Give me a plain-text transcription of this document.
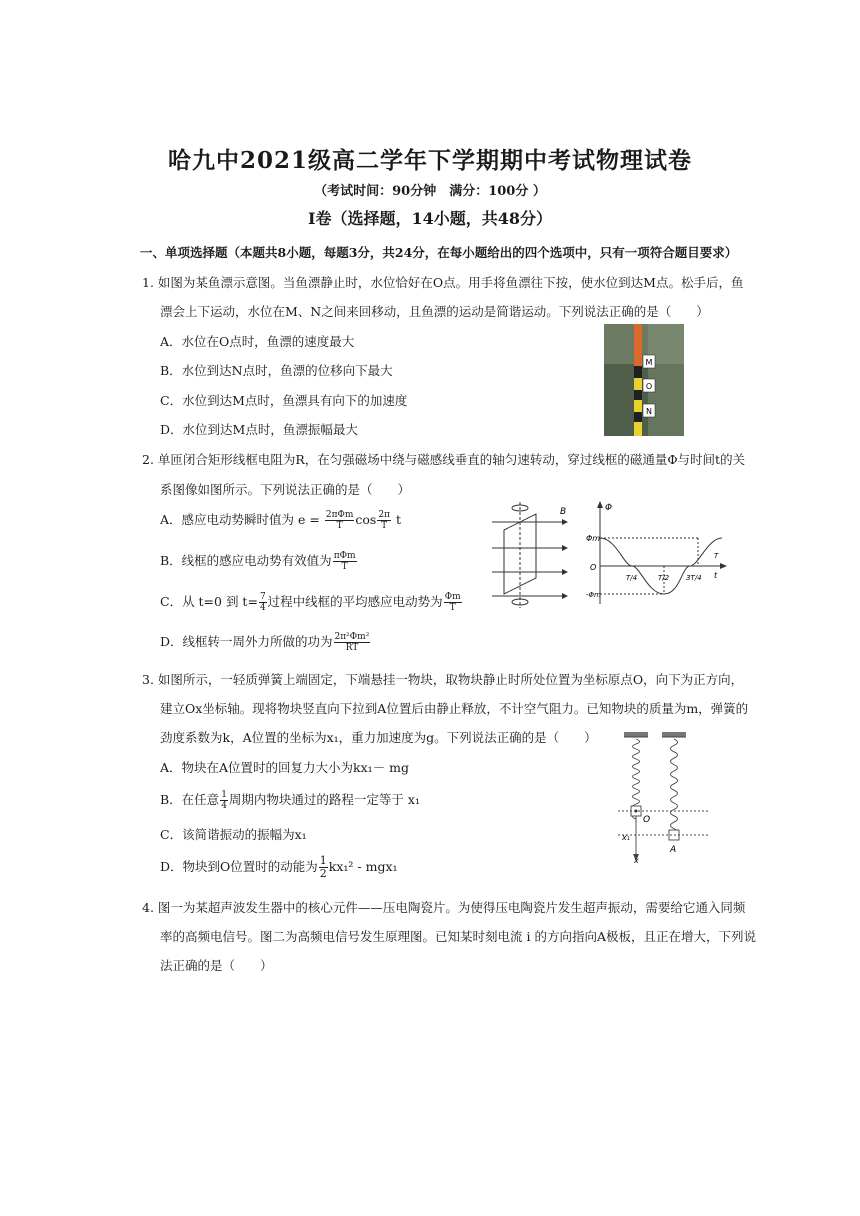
哈九中2021级高二学年下学期期中考试物理试卷
（考试时间：90分钟　满分：100分 ）
I卷（选择题，14小题，共48分）
一、单项选择题（本题共8小题，每题3分，共24分，在每小题给出的四个选项中，只有一项符合题目要求）
1. 如图为某鱼漂示意图。当鱼漂静止时，水位恰好在O点。用手将鱼漂往下按，使水位到达M点。松手后，鱼
漂会上下运动，水位在M、N之间来回移动，且鱼漂的运动是简谐运动。下列说法正确的是（　　）
A．水位在O点时，鱼漂的速度最大
B．水位到达N点时，鱼漂的位移向下最大
C．水位到达M点时，鱼漂具有向下的加速度
D．水位到达M点时，鱼漂振幅最大
M
O
N
2. 单匝闭合矩形线框电阻为R，在匀强磁场中绕与磁感线垂直的轴匀速转动，穿过线框的磁通量Φ与时间t的关
系图像如图所示。下列说法正确的是（　　）
A．感应电动势瞬时值为 $e = \frac{\text{2πΦm}}{T}$ $\cos \frac{2\pi}{T}$ t
B．线框的感应电动势有效值为 $\frac{\text{πΦm}}{T}$
C．从 t=0 到 $t= \frac{7}{4}$ 过程中线框的平均感应电动势为 $\frac{\Phi m}{T}$
D．线框转一周外力所做的功为 $\frac{\text{2π²Φm²}}{RT}$
B	Φ
Φm
O
-Φm
t
T/4	T/2 3T/4
T
3. 如图所示，一轻质弹簧上端固定，下端悬挂一物块，取物块静止时所处位置为坐标原点O，向下为正方向，
建立Ox坐标轴。现将物块竖直向下拉到A位置后由静止释放，不计空气阻力。已知物块的质量为m，弹簧的
劲度系数为k，A位置的坐标为x₁，重力加速度为g。下列说法正确的是（　　）
A．物块在A位置时的回复力大小为kx₁－ mg
B．在任意 $\frac{1}{4}$ 周期内物块通过的路程一定等于 x₁
C．该简谐振动的振幅为x₁
D．物块到O位置时的动能为 $\frac{1}{2} kx_1^2 - mgx_1$
O
x₁
x
A
4. 图一为某超声波发生器中的核心元件——压电陶瓷片。为使得压电陶瓷片发生超声振动，需要给它通入同频
率的高频电信号。图二为高频电信号发生原理图。已知某时刻电流 i 的方向指向A极板，且正在增大，下列说
法正确的是（　　）
